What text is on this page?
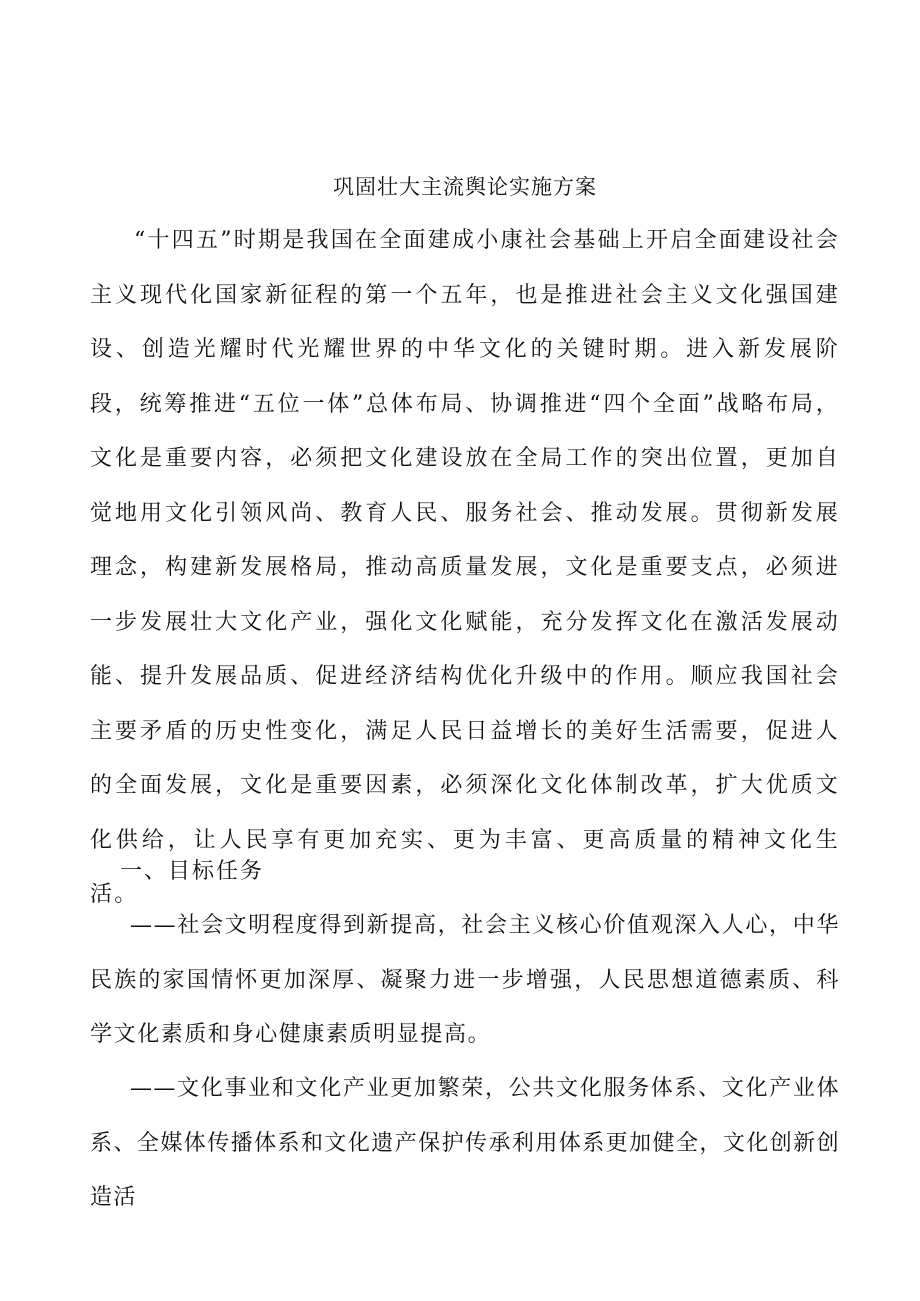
巩固壮大主流舆论实施方案

“十四五”时期是我国在全面建成小康社会基础上开启全面建设社会主义现代化国家新征程的第一个五年，也是推进社会主义文化强国建设、创造光耀时代光耀世界的中华文化的关键时期。进入新发展阶段，统筹推进“五位一体”总体布局、协调推进“四个全面”战略布局，文化是重要内容，必须把文化建设放在全局工作的突出位置，更加自觉地用文化引领风尚、教育人民、服务社会、推动发展。贯彻新发展理念，构建新发展格局，推动高质量发展，文化是重要支点，必须进一步发展壮大文化产业，强化文化赋能，充分发挥文化在激活发展动能、提升发展品质、促进经济结构优化升级中的作用。顺应我国社会主要矛盾的历史性变化，满足人民日益增长的美好生活需要，促进人的全面发展，文化是重要因素，必须深化文化体制改革，扩大优质文化供给，让人民享有更加充实、更为丰富、更高质量的精神文化生活。

一、目标任务

——社会文明程度得到新提高，社会主义核心价值观深入人心，中华民族的家国情怀更加深厚、凝聚力进一步增强，人民思想道德素质、科学文化素质和身心健康素质明显提高。

——文化事业和文化产业更加繁荣，公共文化服务体系、文化产业体系、全媒体传播体系和文化遗产保护传承利用体系更加健全，文化创新创造活
